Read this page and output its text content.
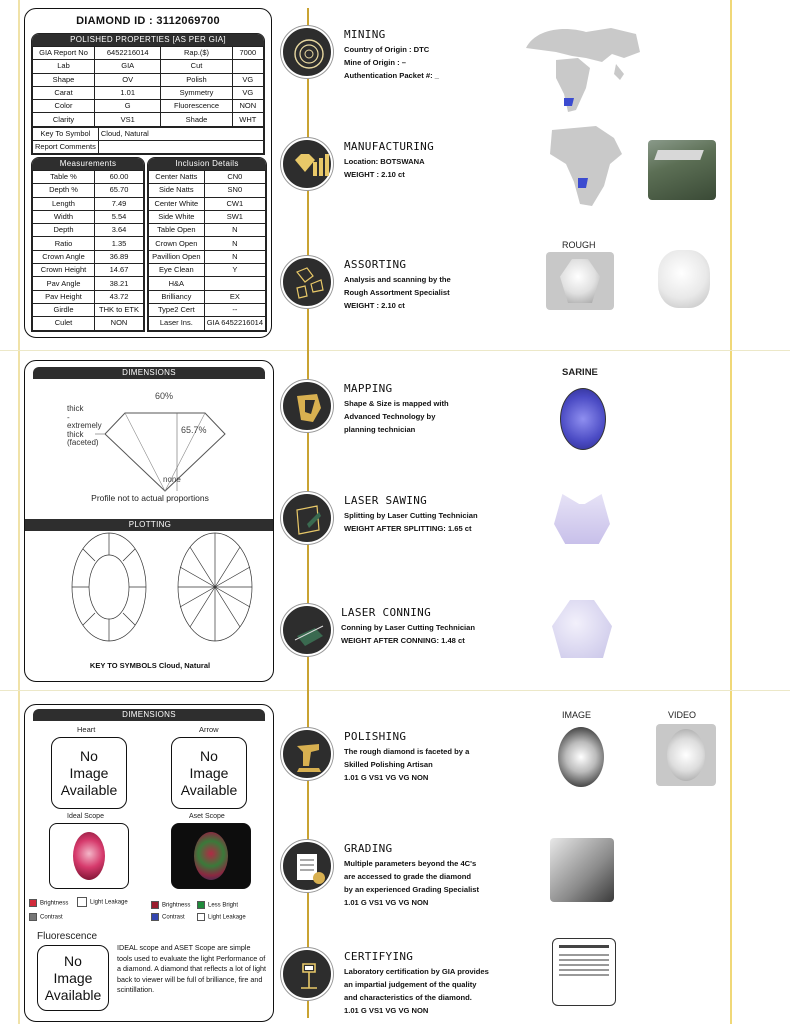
DIAMOND ID : 3112069700
POLISHED PROPERTIES [AS PER GIA]
GIA Report No	6452216014	Rap.($)	7000
Lab	GIA	Cut	
Shape	OV	Polish	VG
Carat	1.01	Symmetry	VG
Color	G	Fluorescence	NON
Clarity	VS1	Shade	WHT
Key To Symbol	Cloud, Natural
Report Comments	
Measurements
Table %	60.00
Depth %	65.70
Length	7.49
Width	5.54
Depth	3.64
Ratio	1.35
Crown Angle	36.89
Crown Height	14.67
Pav Angle	38.21
Pav Height	43.72
Girdle	THK to ETK
Culet	NON
Inclusion Details
Center Natts	CN0
Side Natts	SN0
Center White	CW1
Side White	SW1
Table Open	N
Crown Open	N
Pavillion Open	N
Eye Clean	Y
H&A	
Brilliancy	EX
Type2 Cert	--
Laser Ins.	GIA 6452216014
DIMENSIONS
60%
65.7%
thick
-
extremely
thick
(faceted)
none
Profile not to actual proportions
PLOTTING
KEY TO SYMBOLS Cloud, Natural
DIMENSIONS
Heart	Arrow
No
Image
Available
No
Image
Available
Ideal Scope	Aset Scope
Brightness	Light Leakage
Contrast
Brightness	Less Bright
Contrast	Light Leakage
Fluorescence
No
Image
Available
IDEAL scope and ASET Scope are simple tools used to evaluate the light Performance of a diamond. A diamond that reflects a lot of light back to viewer will be full of brilliance, fire and scintillation.
MINING
Country of Origin : DTC
Mine of Origin : –
Authentication Packet #: _
MANUFACTURING
Location: BOTSWANA
WEIGHT : 2.10 ct
ASSORTING
Analysis and scanning by the
Rough Assortment Specialist
WEIGHT : 2.10 ct
MAPPING
Shape & Size is mapped with
Advanced Technology by
planning technician
LASER SAWING
Splitting by Laser Cutting Technician
WEIGHT AFTER SPLITTING: 1.65 ct
LASER CONNING
Conning by Laser Cutting Technician
WEIGHT AFTER CONNING: 1.48 ct
POLISHING
The rough diamond is faceted by a
Skilled Polishing Artisan
1.01 G VS1 VG VG NON
GRADING
Multiple parameters beyond the 4C's
are accessed to grade the diamond
by an experienced Grading Specialist
1.01 G VS1 VG VG NON
CERTIFYING
Laboratory certification by GIA provides
an impartial judgement of the quality
and characteristics of the diamond.
1.01 G VS1 VG VG NON
ROUGH
SARINE
IMAGE	VIDEO
